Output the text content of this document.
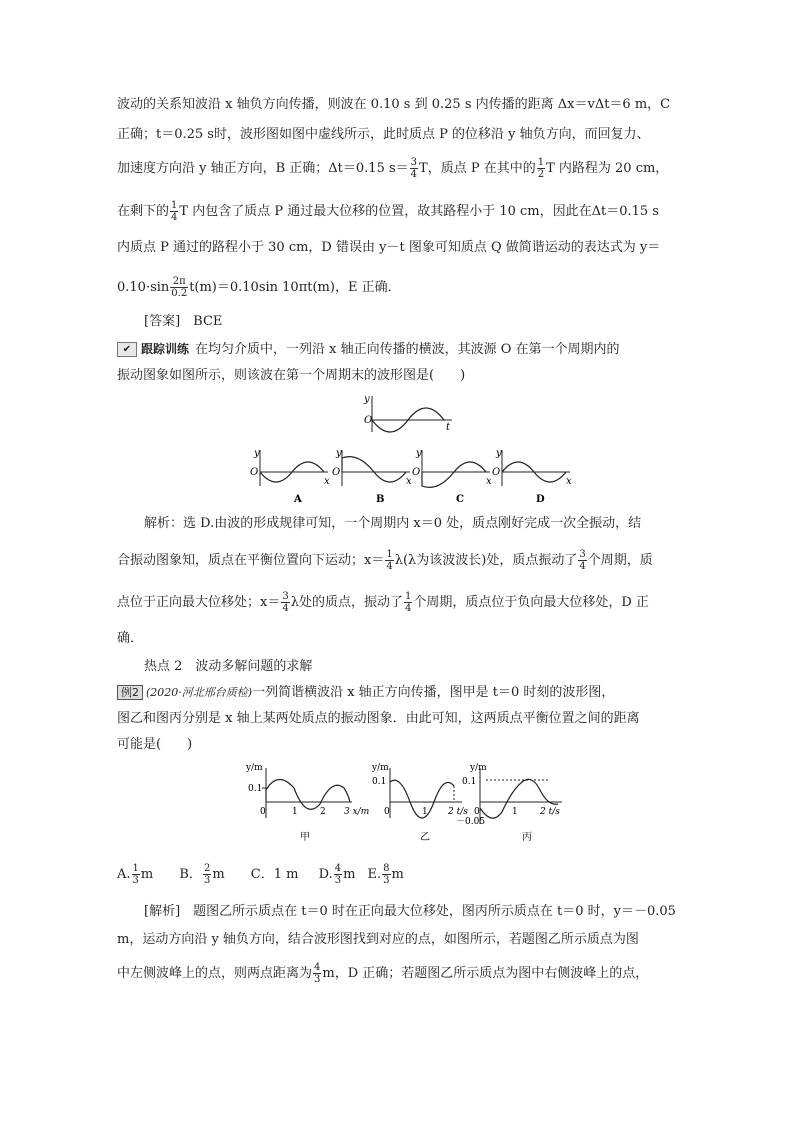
波动的关系知波沿 x 轴负方向传播，则波在 0.10 s 到 0.25 s 内传播的距离 Δx＝vΔt＝6 m，C
正确；t＝0.25 s时，波形图如图中虚线所示，此时质点 P 的位移沿 y 轴负方向，而回复力、
加速度方向沿 y 轴正方向，B 正确；Δt＝0.15 $s= \frac{3}{4}$ T，质点 P 在其中的 $\frac{1}{2}$ T 内路程为 20 cm，
在剩下的 $\frac{1}{4}$ T 内包含了质点 P 通过最大位移的位置，故其路程小于 10 cm，因此在Δt＝0.15 s
内质点 P 通过的路程小于 30 cm，D 错误由 y－t 图象可知质点 Q 做简谐运动的表达式为 y＝
$0.10\cdot\sin \frac{2\pi}{0.2} t(m)=0.10\sin$ 10πt(m)，E 正确．
[答案]　BCE
✔ 跟踪训练 在均匀介质中，一列沿 x 轴正向传播的横波，其波源 O 在第一个周期内的
振动图象如图所示，则该波在第一个周期末的波形图是(　　)
y
O
t
y
O
x
A
y
O
x
B
y
O
x
C
y
O
x
D
解析：选 D.由波的形成规律可知，一个周期内 x＝0 处，质点刚好完成一次全振动，结
合振动图象知，质点在平衡位置向下运动；$x= \frac{1}{4} \lambda(\lambda$为该波波长)处，质点振动了 $\frac{3}{4}$ 个周期，质
点位于正向最大位移处；$x= \frac{3}{4}$ λ处的质点，振动了 $\frac{1}{4}$ 个周期，质点位于负向最大位移处，D 正
确．
热点 2　波动多解问题的求解
例2 (2020·河北邢台质检)一列简谐横波沿 x 轴正方向传播，图甲是 t＝0 时刻的波形图，
图乙和图丙分别是 x 轴上某两处质点的振动图象．由此可知，这两质点平衡位置之间的距离
可能是(　　)
y/m
0.1
0	1 2 3 x/m
甲
y/m
0.1
0	1 2 t/s
乙
y/m
0.1
0
－0.05
1 2 t/s
丙
A. $\frac{1}{3}$ m B． $\frac{2}{3}$ m C．1 m D. $\frac{4}{3}$ m E. $\frac{8}{3}$ m
[解析]　题图乙所示质点在 t＝0 时在正向最大位移处，图丙所示质点在 t＝0 时，y＝－0.05
m，运动方向沿 y 轴负方向，结合波形图找到对应的点，如图所示，若题图乙所示质点为图
中左侧波峰上的点，则两点距离为 $\frac{4}{3}$ m，D 正确；若题图乙所示质点为图中右侧波峰上的点，
